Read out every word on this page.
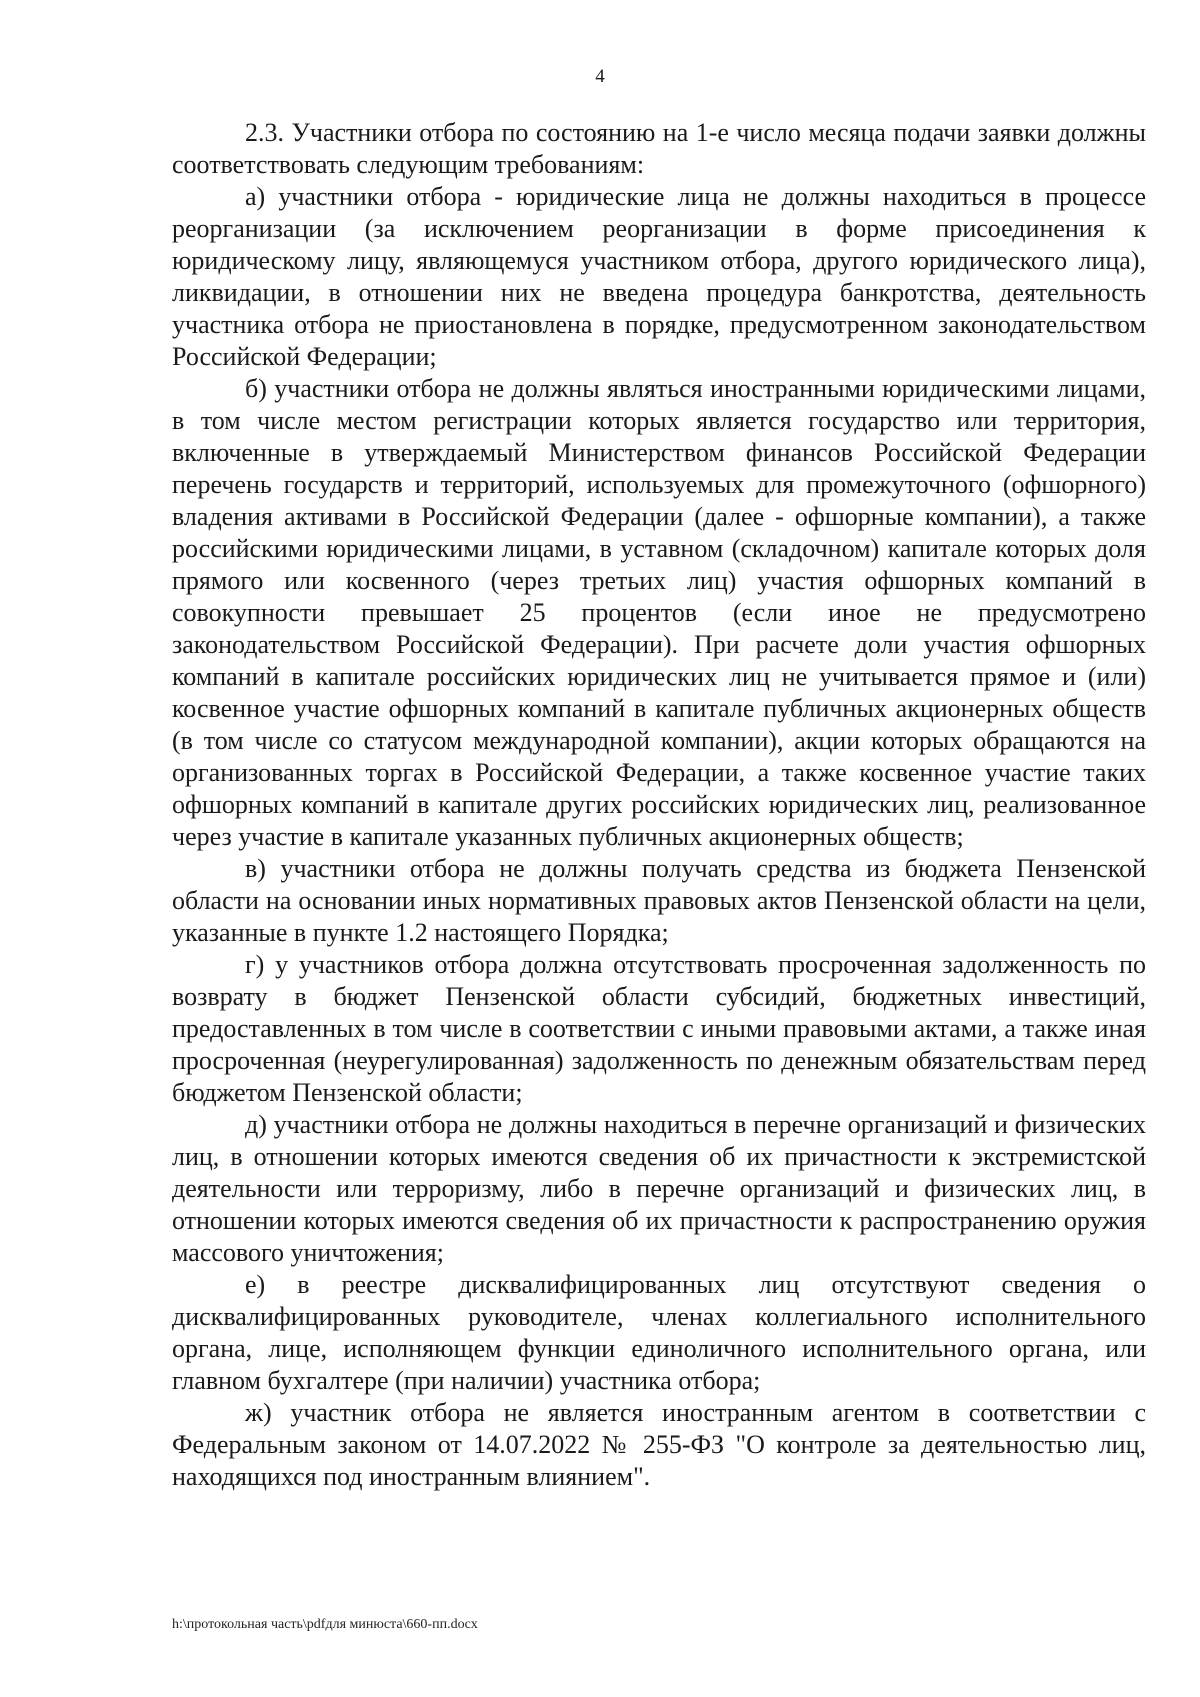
4

2.3. Участники отбора по состоянию на 1-е число месяца подачи заявки должны соответствовать следующим требованиям:

а) участники отбора - юридические лица не должны находиться в процессе реорганизации (за исключением реорганизации в форме присоединения к юридическому лицу, являющемуся участником отбора, другого юридического лица), ликвидации, в отношении них не введена процедура банкротства, деятельность участника отбора не приостановлена в порядке, предусмотренном законодательством Российской Федерации;

б) участники отбора не должны являться иностранными юридическими лицами, в том числе местом регистрации которых является государство или территория, включенные в утверждаемый Министерством финансов Российской Федерации перечень государств и территорий, используемых для промежуточного (офшорного) владения активами в Российской Федерации (далее - офшорные компании), а также российскими юридическими лицами, в уставном (складочном) капитале которых доля прямого или косвенного (через третьих лиц) участия офшорных компаний в совокупности превышает 25 процентов (если иное не предусмотрено законодательством Российской Федерации). При расчете доли участия офшорных компаний в капитале российских юридических лиц не учитывается прямое и (или) косвенное участие офшорных компаний в капитале публичных акционерных обществ (в том числе со статусом международной компании), акции которых обращаются на организованных торгах в Российской Федерации, а также косвенное участие таких офшорных компаний в капитале других российских юридических лиц, реализованное через участие в капитале указанных публичных акционерных обществ;

в) участники отбора не должны получать средства из бюджета Пензенской области на основании иных нормативных правовых актов Пензенской области на цели, указанные в пункте 1.2 настоящего Порядка;

г) у участников отбора должна отсутствовать просроченная задолженность по возврату в бюджет Пензенской области субсидий, бюджетных инвестиций, предоставленных в том числе в соответствии с иными правовыми актами, а также иная просроченная (неурегулированная) задолженность по денежным обязательствам перед бюджетом Пензенской области;

д) участники отбора не должны находиться в перечне организаций и физических лиц, в отношении которых имеются сведения об их причастности к экстремистской деятельности или терроризму, либо в перечне организаций и физических лиц, в отношении которых имеются сведения об их причастности к распространению оружия массового уничтожения;

е) в реестре дисквалифицированных лиц отсутствуют сведения о дисквалифицированных руководителе, членах коллегиального исполнительного органа, лице, исполняющем функции единоличного исполнительного органа, или главном бухгалтере (при наличии) участника отбора;

ж) участник отбора не является иностранным агентом в соответствии с Федеральным законом от 14.07.2022 № 255-ФЗ "О контроле за деятельностью лиц, находящихся под иностранным влиянием".

h:\протокольная часть\pdfдля минюста\660-пп.docx
